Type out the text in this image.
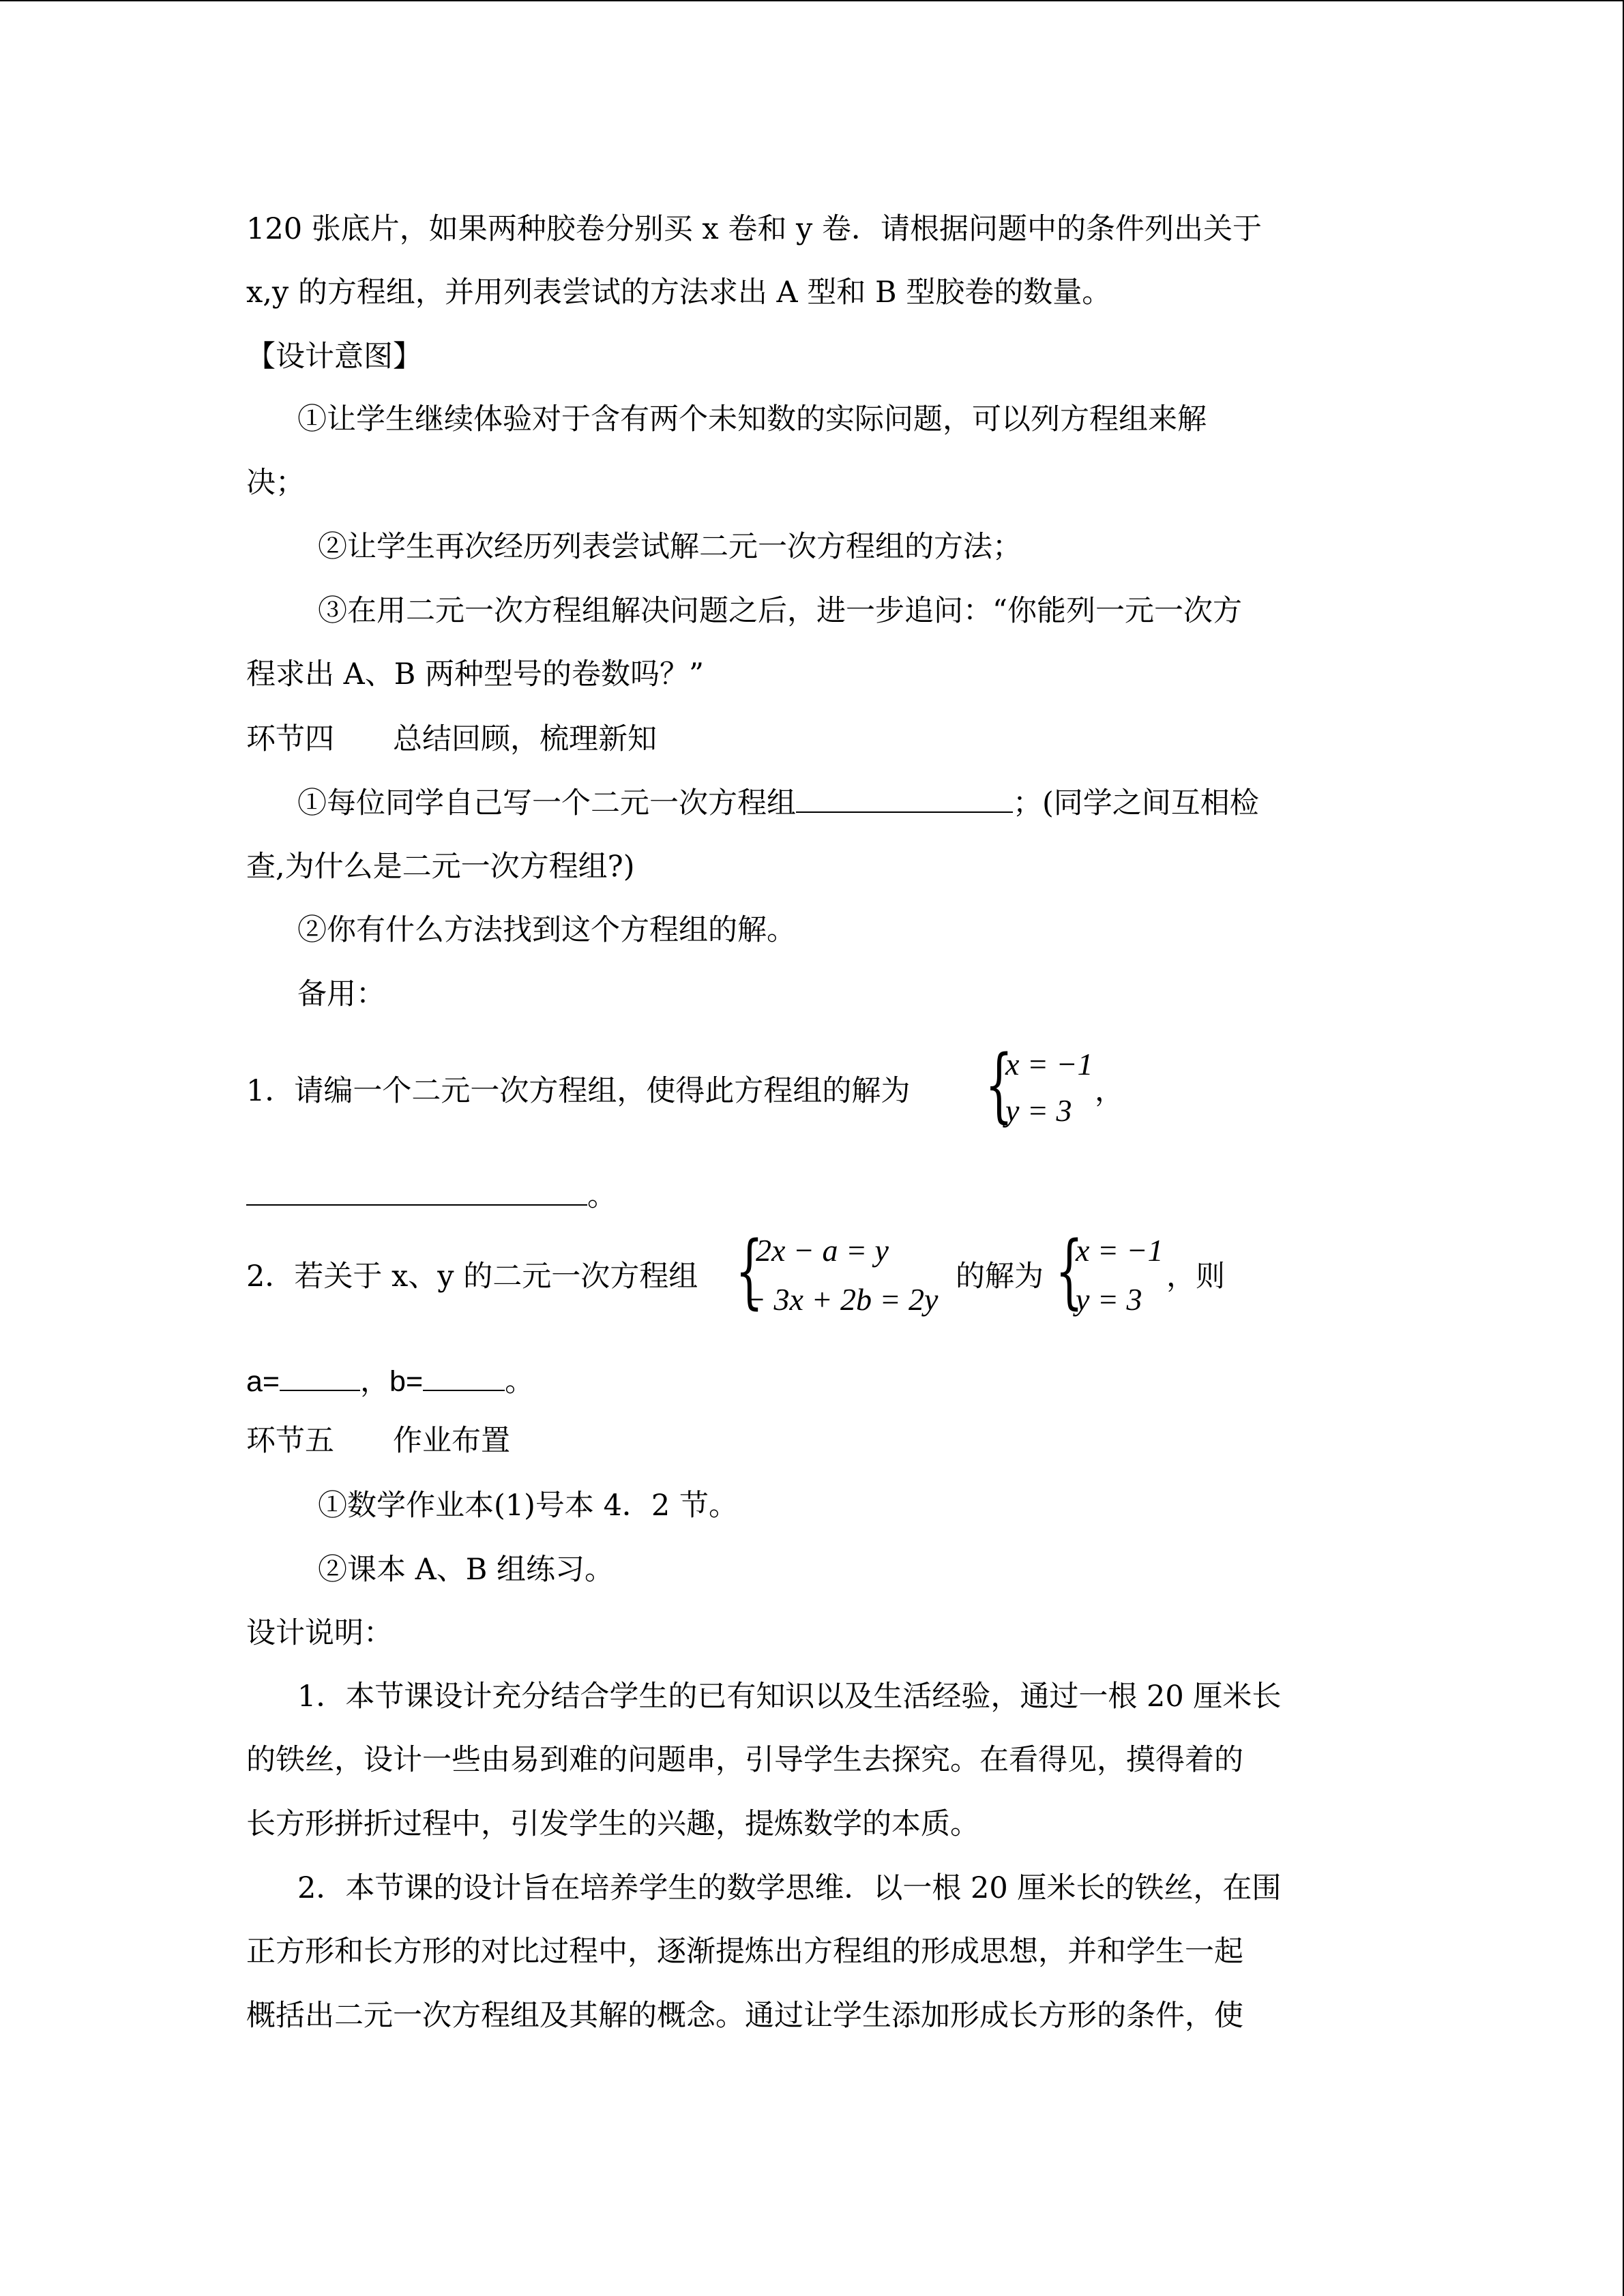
120 张底片，如果两种胶卷分别买 x 卷和 y 卷．请根据问题中的条件列出关于
x,y 的方程组，并用列表尝试的方法求出 A 型和 B 型胶卷的数量。
【设计意图】
①让学生继续体验对于含有两个未知数的实际问题，可以列方程组来解
决；
②让学生再次经历列表尝试解二元一次方程组的方法；
③在用二元一次方程组解决问题之后，进一步追问：“你能列一元一次方
程求出 A、B 两种型号的卷数吗？”
环节四　　总结回顾，梳理新知
①每位同学自己写一个二元一次方程组	；(同学之间互相检
查,为什么是二元一次方程组?)
②你有什么方法找到这个方程组的解。
备用：
1．请编一个二元一次方程组，使得此方程组的解为 {
x = −1
y = 3
，
。
2．若关于 x、y 的二元一次方程组 {
2x − a = y
− 3x + 2b = 2y
的解为 {
x = −1
y = 3
，则
a=	，b=	。
环节五　　作业布置
①数学作业本(1)号本 4．2 节。
②课本 A、B 组练习。
设计说明：
1．本节课设计充分结合学生的已有知识以及生活经验，通过一根 20 厘米长
的铁丝，设计一些由易到难的问题串，引导学生去探究。在看得见，摸得着的
长方形拼折过程中，引发学生的兴趣，提炼数学的本质。
2．本节课的设计旨在培养学生的数学思维．以一根 20 厘米长的铁丝，在围
正方形和长方形的对比过程中，逐渐提炼出方程组的形成思想，并和学生一起
概括出二元一次方程组及其解的概念。通过让学生添加形成长方形的条件，使
